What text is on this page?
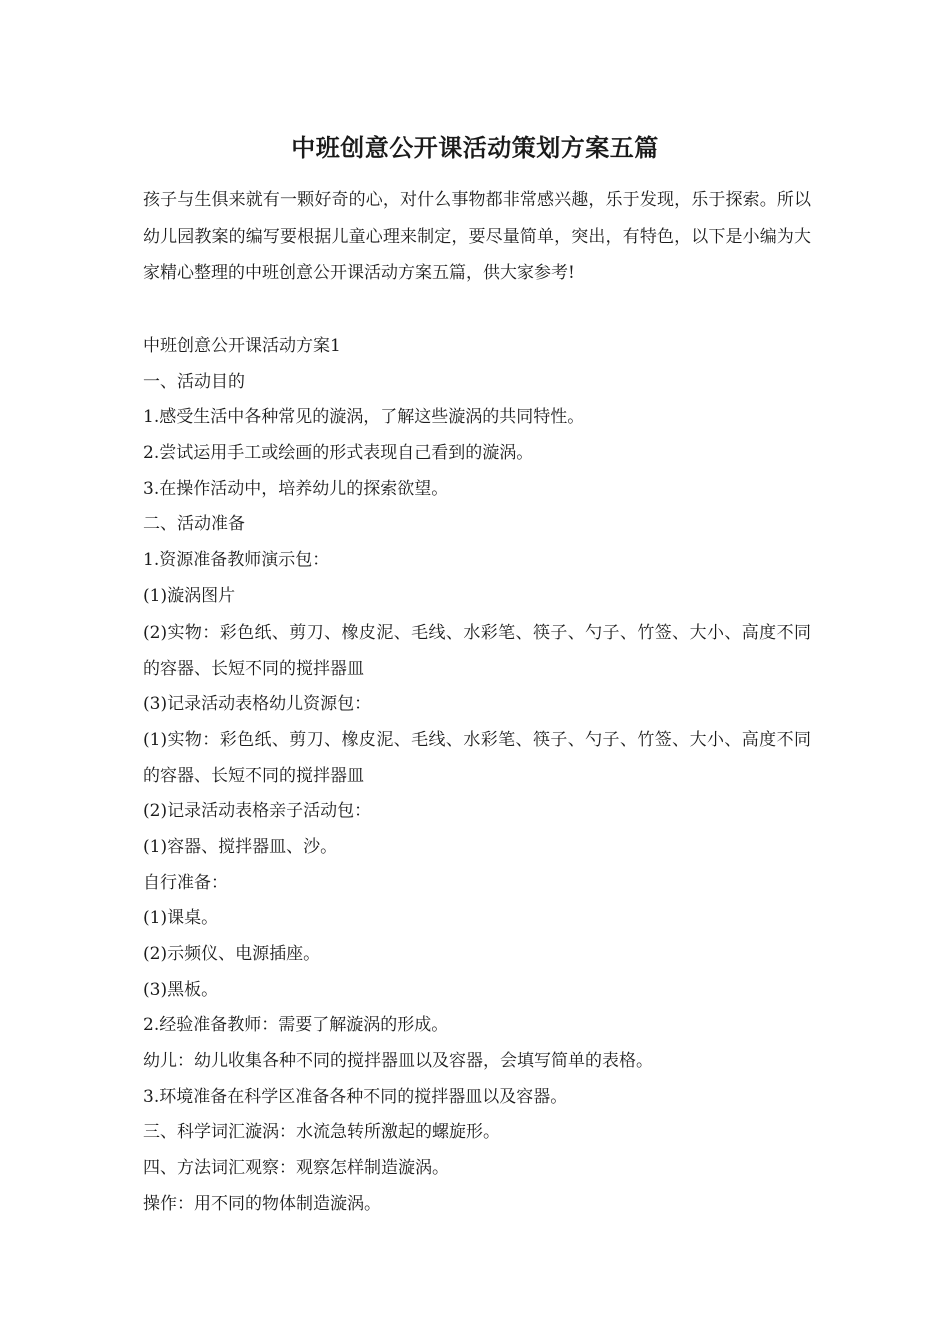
中班创意公开课活动策划方案五篇
孩子与生俱来就有一颗好奇的心，对什么事物都非常感兴趣，乐于发现，乐于探索。所以幼儿园教案的编写要根据儿童心理来制定，要尽量简单，突出，有特色，以下是小编为大家精心整理的中班创意公开课活动方案五篇，供大家参考!
中班创意公开课活动方案1
一、活动目的
1.感受生活中各种常见的漩涡，了解这些漩涡的共同特性。
2.尝试运用手工或绘画的形式表现自己看到的漩涡。
3.在操作活动中，培养幼儿的探索欲望。
二、活动准备
1.资源准备教师演示包：
(1)漩涡图片
(2)实物：彩色纸、剪刀、橡皮泥、毛线、水彩笔、筷子、勺子、竹签、大小、高度不同的容器、长短不同的搅拌器皿
(3)记录活动表格幼儿资源包：
(1)实物：彩色纸、剪刀、橡皮泥、毛线、水彩笔、筷子、勺子、竹签、大小、高度不同的容器、长短不同的搅拌器皿
(2)记录活动表格亲子活动包：
(1)容器、搅拌器皿、沙。
自行准备：
(1)课桌。
(2)示频仪、电源插座。
(3)黑板。
2.经验准备教师：需要了解漩涡的形成。
幼儿：幼儿收集各种不同的搅拌器皿以及容器，会填写简单的表格。
3.环境准备在科学区准备各种不同的搅拌器皿以及容器。
三、科学词汇漩涡：水流急转所激起的螺旋形。
四、方法词汇观察：观察怎样制造漩涡。
操作：用不同的物体制造漩涡。
